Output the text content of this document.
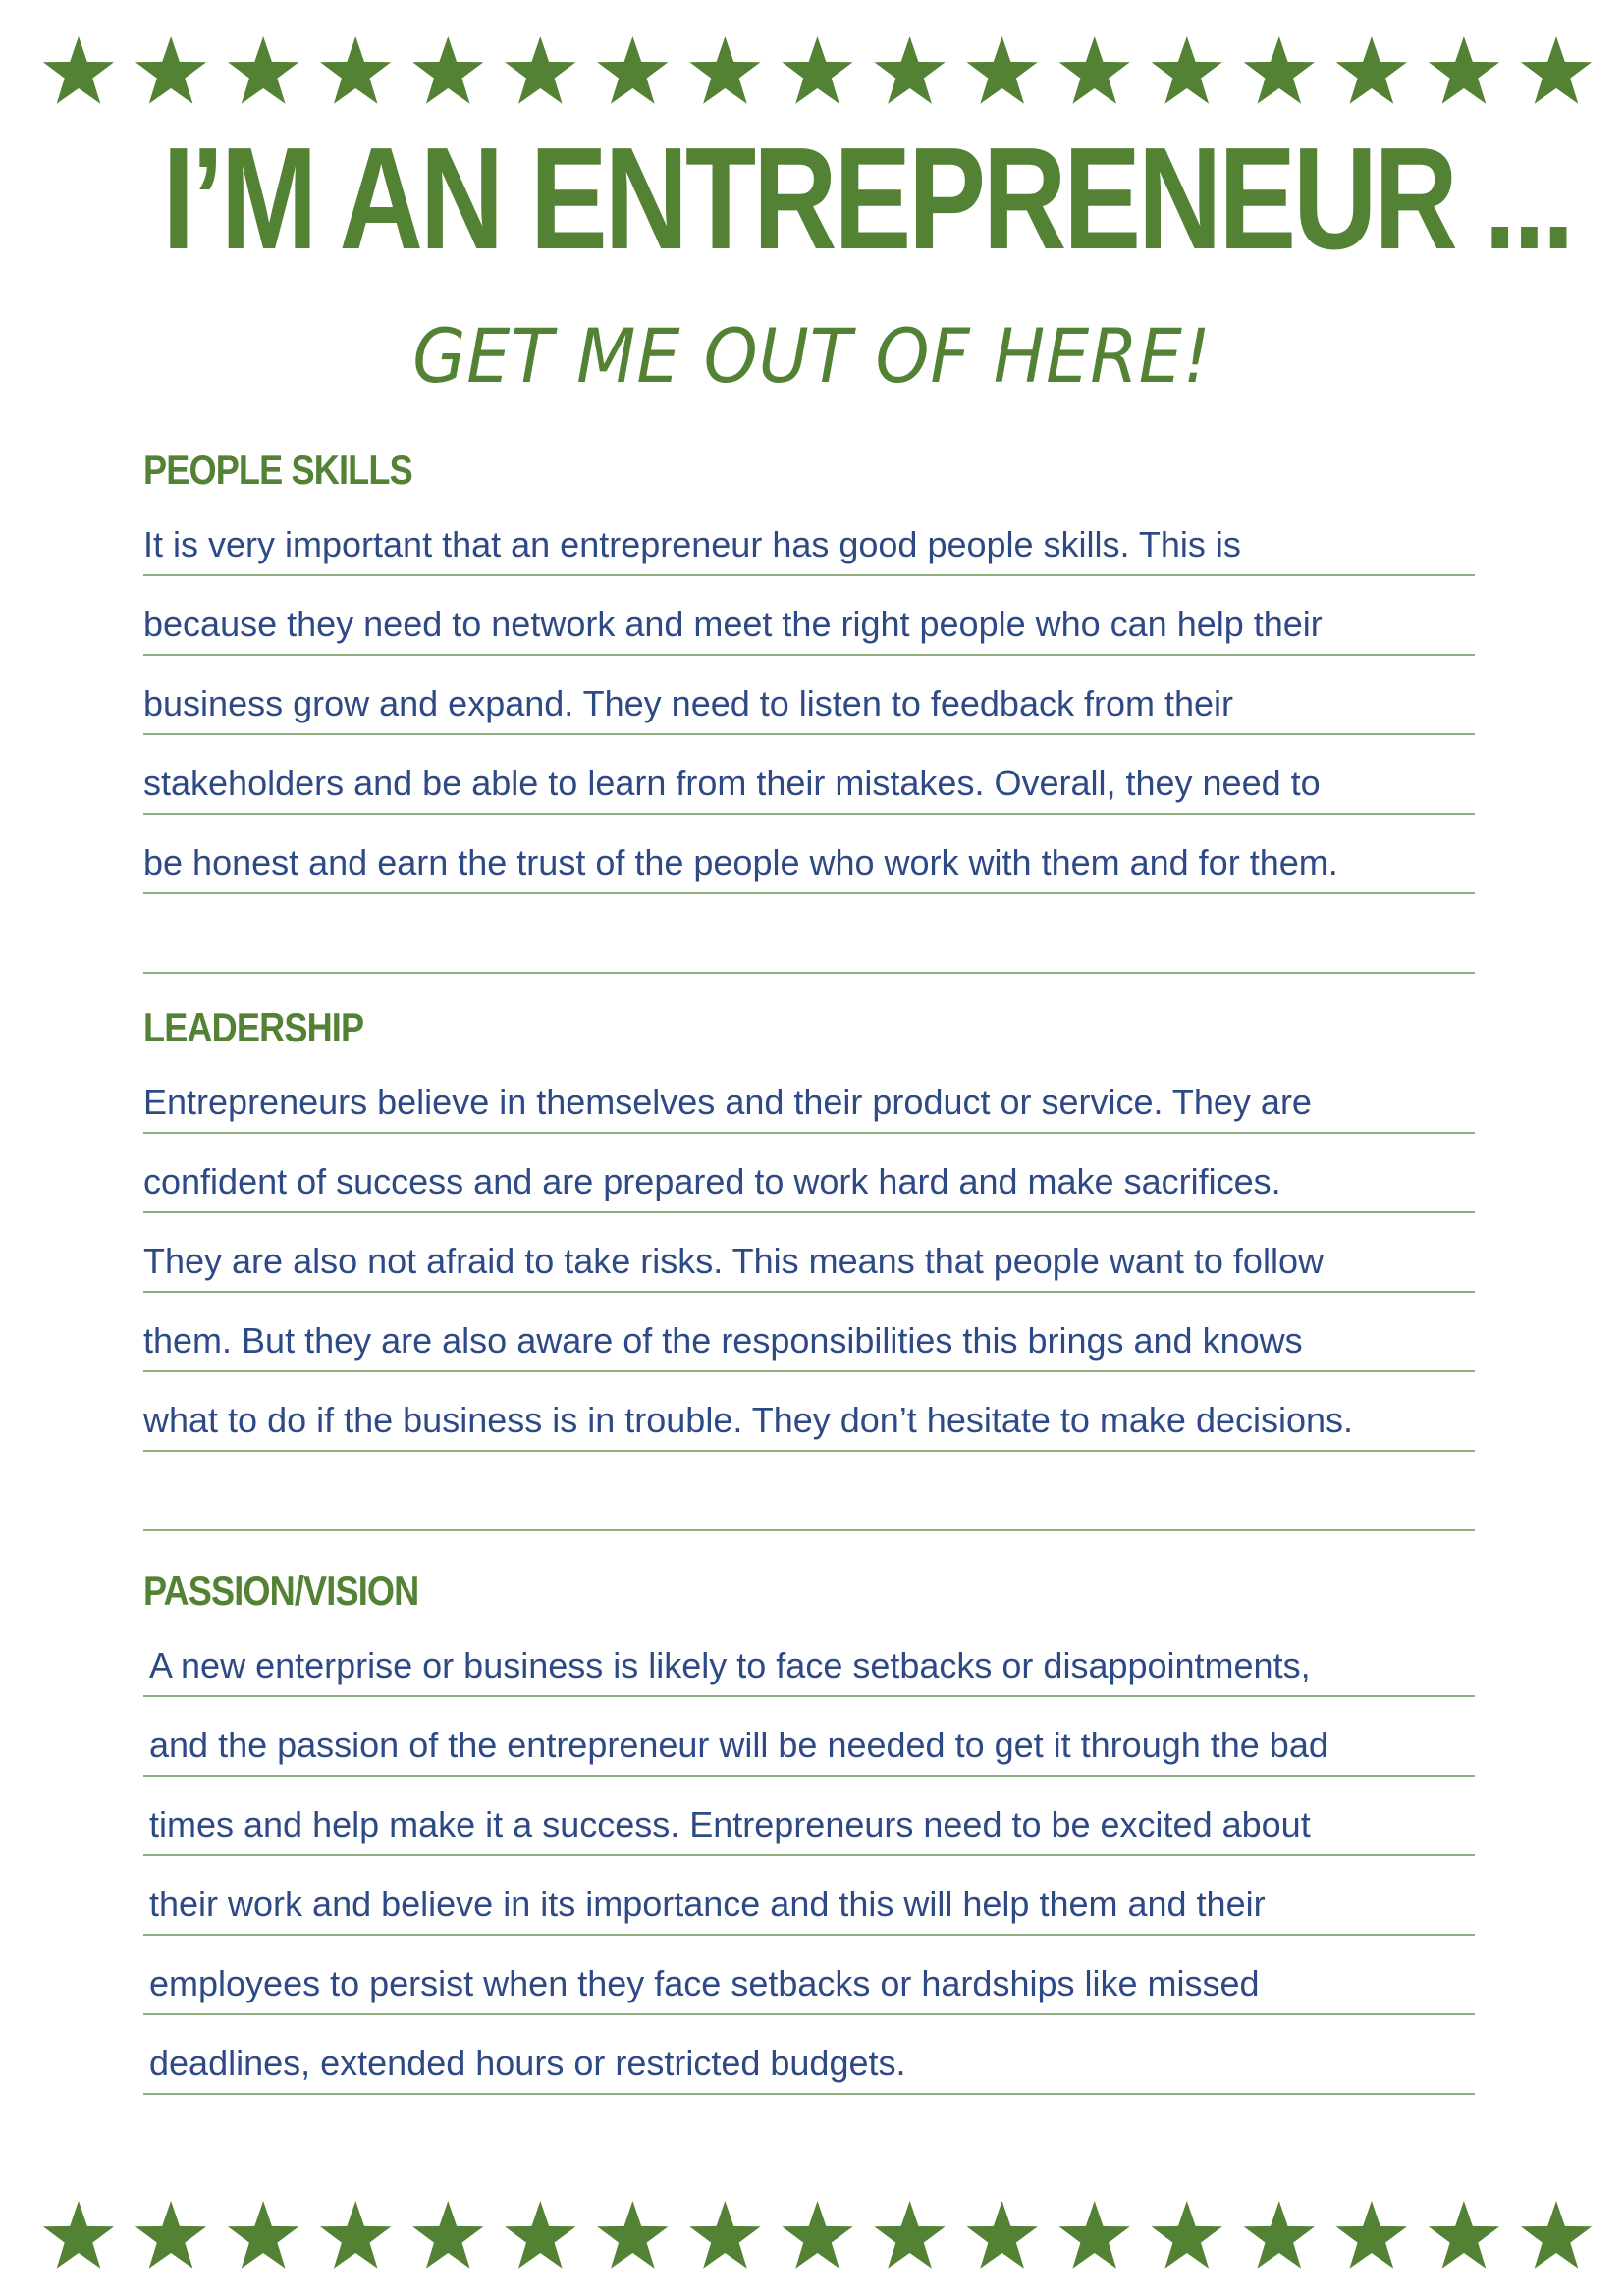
I’M AN ENTREPRENEUR ...
GET ME OUT OF HERE!
PEOPLE SKILLS
It is very important that an entrepreneur has good people skills. This is
because they need to network and meet the right people who can help their
business grow and expand. They need to listen to feedback from their
stakeholders and be able to learn from their mistakes. Overall, they need to
be honest and earn the trust of the people who work with them and for them.
LEADERSHIP
Entrepreneurs believe in themselves and their product or service. They are
confident of success and are prepared to work hard and make sacrifices.
They are also not afraid to take risks. This means that people want to follow
them. But they are also aware of the responsibilities this brings and knows
what to do if the business is in trouble. They don’t hesitate to make decisions.
PASSION/VISION
A new enterprise or business is likely to face setbacks or disappointments,
and the passion of the entrepreneur will be needed to get it through the bad
times and help make it a success. Entrepreneurs need to be excited about
their work and believe in its importance and this will help them and their
employees to persist when they face setbacks or hardships like missed
deadlines, extended hours or restricted budgets.
